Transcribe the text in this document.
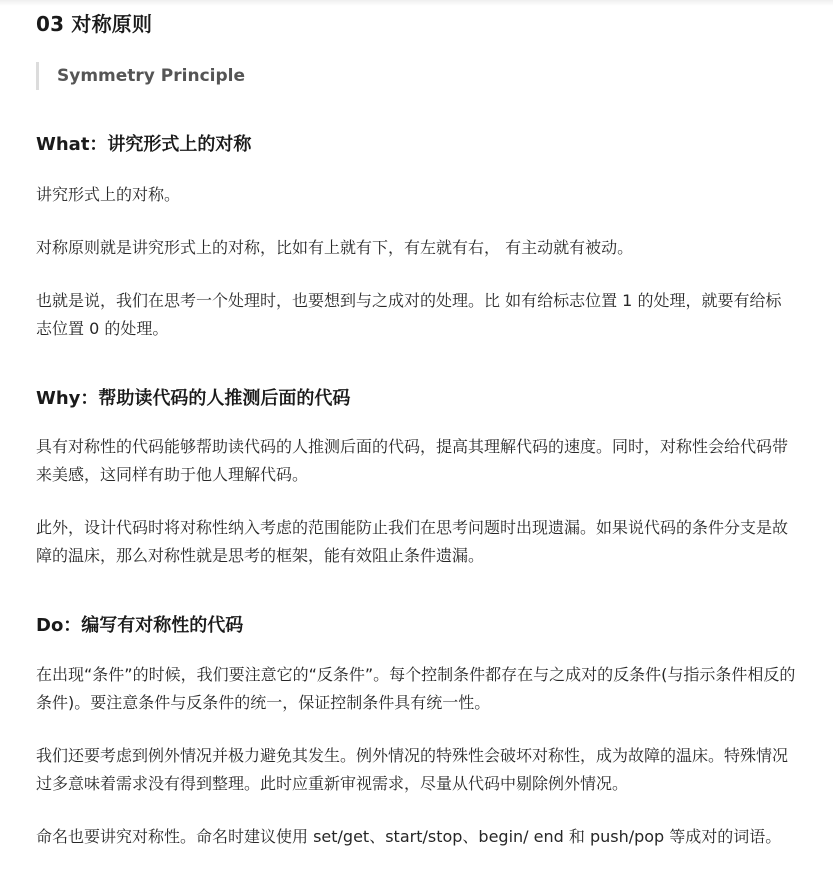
03 对称原则
Symmetry Principle
What：讲究形式上的对称
讲究形式上的对称。
对称原则就是讲究形式上的对称，比如有上就有下，有左就有右， 有主动就有被动。
也就是说，我们在思考一个处理时，也要想到与之成对的处理。比 如有给标志位置 1 的处理，就要有给标志位置 0 的处理。
Why：帮助读代码的人推测后面的代码
具有对称性的代码能够帮助读代码的人推测后面的代码，提高其理解代码的速度。同时，对称性会给代码带来美感，这同样有助于他人理解代码。
此外，设计代码时将对称性纳入考虑的范围能防止我们在思考问题时出现遗漏。如果说代码的条件分支是故障的温床，那么对称性就是思考的框架，能有效阻止条件遗漏。
Do：编写有对称性的代码
在出现“条件”的时候，我们要注意它的“反条件”。每个控制条件都存在与之成对的反条件(与指示条件相反的条件)。要注意条件与反条件的统一，保证控制条件具有统一性。
我们还要考虑到例外情况并极力避免其发生。例外情况的特殊性会破坏对称性，成为故障的温床。特殊情况过多意味着需求没有得到整理。此时应重新审视需求，尽量从代码中剔除例外情况。
命名也要讲究对称性。命名时建议使用 set/get、start/stop、begin/ end 和 push/pop 等成对的词语。
